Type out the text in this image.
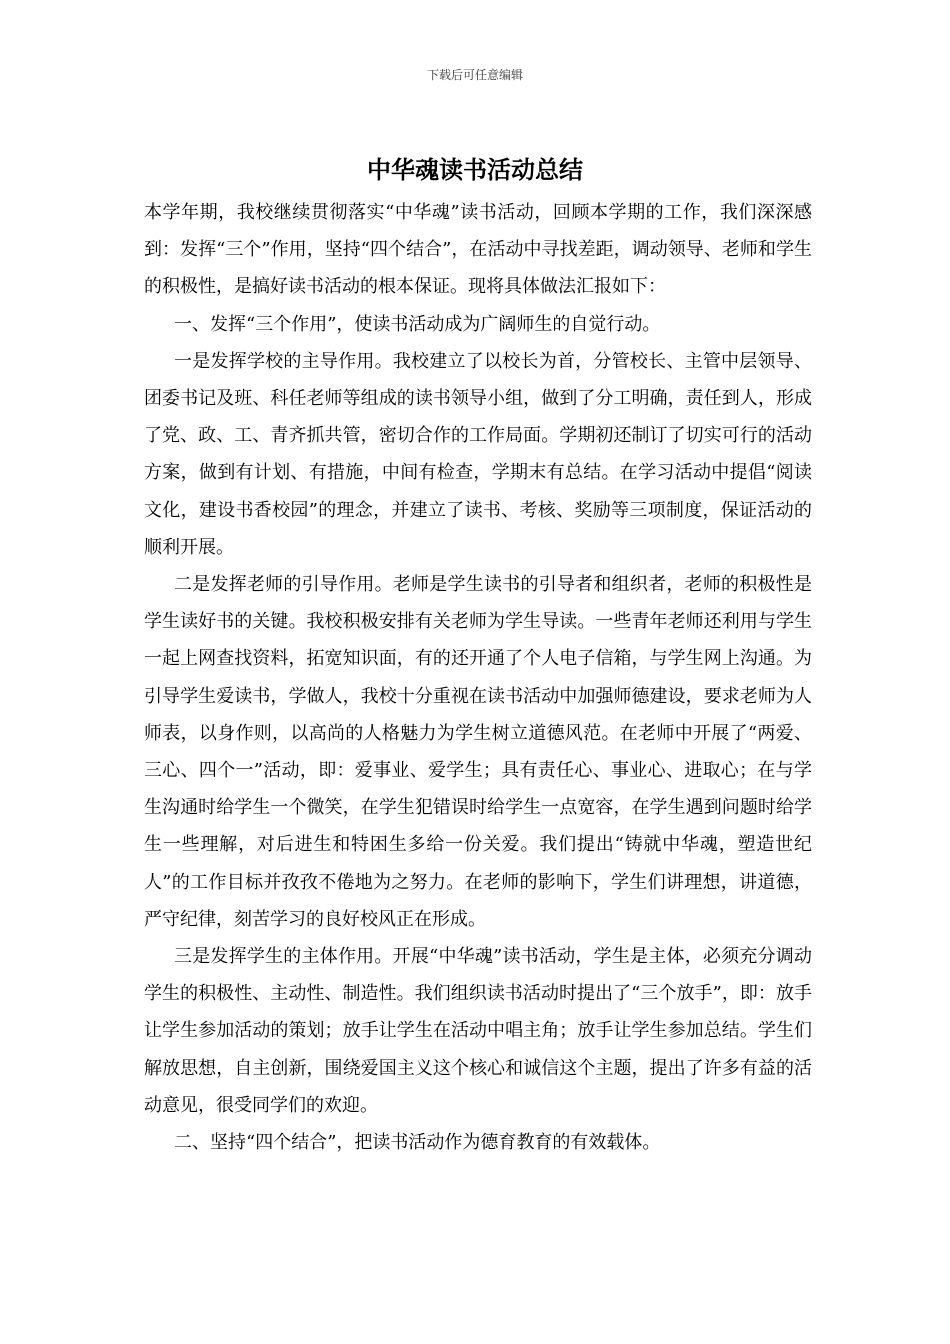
下载后可任意编辑
中华魂读书活动总结

本学年期，我校继续贯彻落实“中华魂”读书活动，回顾本学期的工作，我们深深感到：发挥“三个”作用，坚持“四个结合”，在活动中寻找差距，调动领导、老师和学生的积极性，是搞好读书活动的根本保证。现将具体做法汇报如下：

一、发挥“三个作用”，使读书活动成为广阔师生的自觉行动。

一是发挥学校的主导作用。我校建立了以校长为首，分管校长、主管中层领导、团委书记及班、科任老师等组成的读书领导小组，做到了分工明确，责任到人，形成了党、政、工、青齐抓共管，密切合作的工作局面。学期初还制订了切实可行的活动方案，做到有计划、有措施，中间有检查，学期末有总结。在学习活动中提倡“阅读文化，建设书香校园”的理念，并建立了读书、考核、奖励等三项制度，保证活动的顺利开展。

二是发挥老师的引导作用。老师是学生读书的引导者和组织者，老师的积极性是学生读好书的关键。我校积极安排有关老师为学生导读。一些青年老师还利用与学生一起上网查找资料，拓宽知识面，有的还开通了个人电子信箱，与学生网上沟通。为引导学生爱读书，学做人，我校十分重视在读书活动中加强师德建设，要求老师为人师表，以身作则，以高尚的人格魅力为学生树立道德风范。在老师中开展了“两爱、三心、四个一”活动，即：爱事业、爱学生；具有责任心、事业心、进取心；在与学生沟通时给学生一个微笑，在学生犯错误时给学生一点宽容，在学生遇到问题时给学生一些理解，对后进生和特困生多给一份关爱。我们提出“铸就中华魂，塑造世纪人”的工作目标并孜孜不倦地为之努力。在老师的影响下，学生们讲理想，讲道德，严守纪律，刻苦学习的良好校风正在形成。

三是发挥学生的主体作用。开展“中华魂”读书活动，学生是主体，必须充分调动学生的积极性、主动性、制造性。我们组织读书活动时提出了“三个放手”，即：放手让学生参加活动的策划；放手让学生在活动中唱主角；放手让学生参加总结。学生们解放思想，自主创新，围绕爱国主义这个核心和诚信这个主题，提出了许多有益的活动意见，很受同学们的欢迎。

二、坚持“四个结合”，把读书活动作为德育教育的有效载体。
